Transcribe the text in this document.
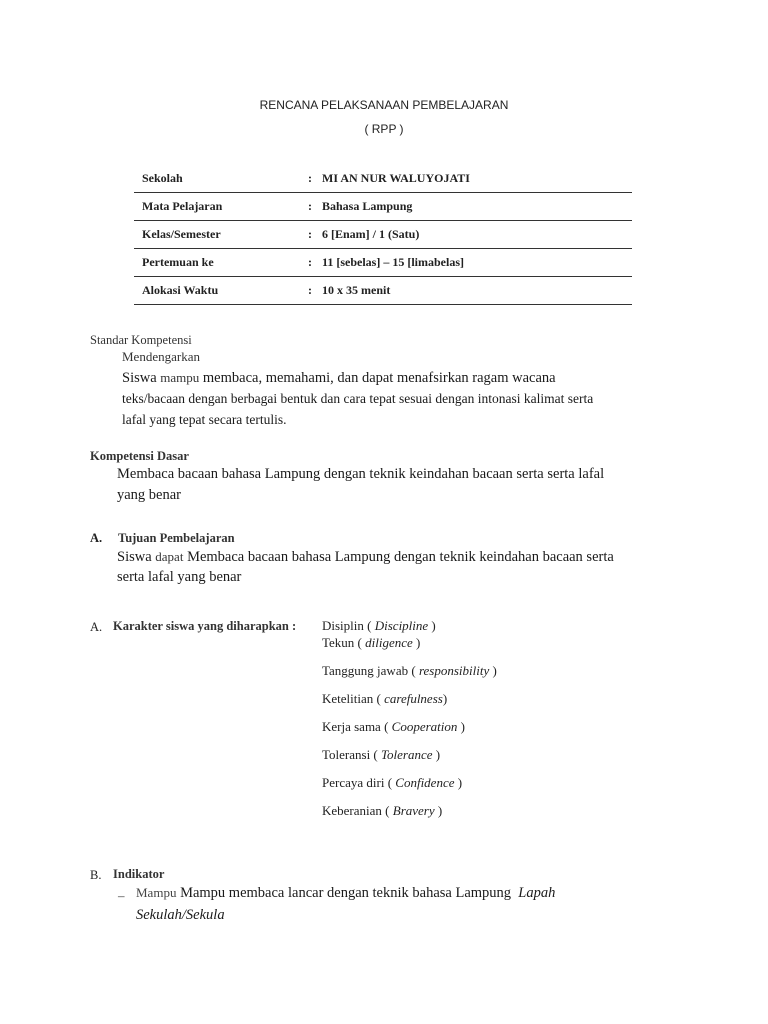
RENCANA PELAKSANAAN PEMBELAJARAN
( RPP )
Sekolah	: MI AN NUR WALUYOJATI
Mata Pelajaran	: Bahasa Lampung
Kelas/Semester	: 6 [Enam] / 1 (Satu)
Pertemuan ke	: 11 [sebelas] – 15 [limabelas]
Alokasi Waktu	: 10 x 35 menit
Standar Kompetensi
Mendengarkan
Siswa mampu membaca, memahami, dan dapat menafsirkan ragam wacana
teks/bacaan dengan berbagai bentuk dan cara tepat sesuai dengan intonasi kalimat serta
lafal yang tepat secara tertulis.
Kompetensi Dasar
Membaca bacaan bahasa Lampung dengan teknik keindahan bacaan serta serta lafal
yang benar
A. Tujuan Pembelajaran
Siswa dapat Membaca bacaan bahasa Lampung dengan teknik keindahan bacaan serta
serta lafal yang benar
A. Karakter siswa yang diharapkan : Disiplin ( Discipline )
Tekun ( diligence )
Tanggung jawab ( responsibility )
Ketelitian ( carefulness)
Kerja sama ( Cooperation )
Toleransi ( Tolerance )
Percaya diri ( Confidence )
Keberanian ( Bravery )
B. Indikator
– Mampu Mampu membaca lancar dengan teknik bahasa Lampung Lapah
Sekulah/Sekula
